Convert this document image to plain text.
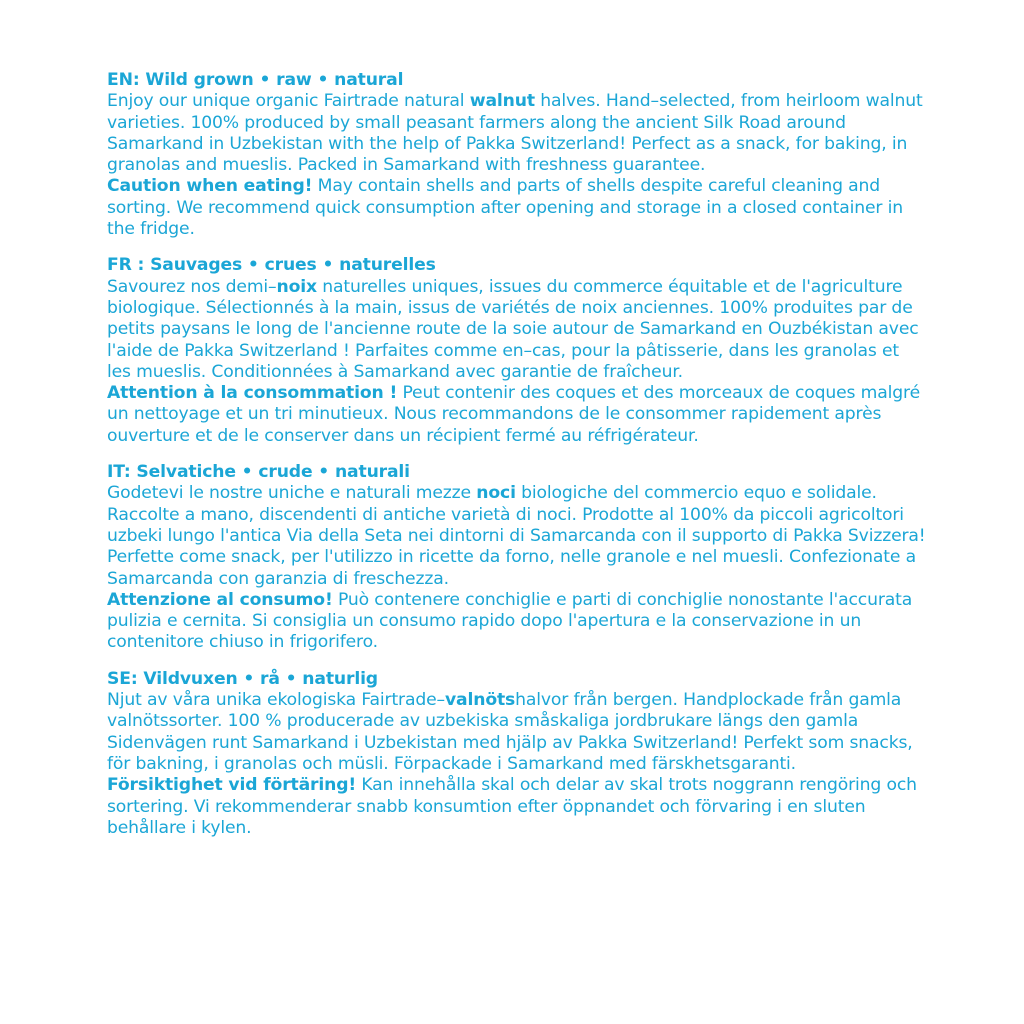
EN: Wild grown • raw • natural
Enjoy our unique organic Fairtrade natural walnut halves. Hand–selected, from heirloom walnut varieties. 100% produced by small peasant farmers along the ancient Silk Road around Samarkand in Uzbekistan with the help of Pakka Switzerland! Perfect as a snack, for baking, in granolas and mueslis. Packed in Samarkand with freshness guarantee.
Caution when eating! May contain shells and parts of shells despite careful cleaning and sorting. We recommend quick consumption after opening and storage in a closed container in the fridge.
FR : Sauvages • crues • naturelles
Savourez nos demi–noix naturelles uniques, issues du commerce équitable et de l'agriculture biologique. Sélectionnés à la main, issus de variétés de noix anciennes. 100% produites par de petits paysans le long de l'ancienne route de la soie autour de Samarkand en Ouzbékistan avec l'aide de Pakka Switzerland ! Parfaites comme en–cas, pour la pâtisserie, dans les granolas et les mueslis. Conditionnées à Samarkand avec garantie de fraîcheur.
Attention à la consommation ! Peut contenir des coques et des morceaux de coques malgré un nettoyage et un tri minutieux. Nous recommandons de le consommer rapidement après ouverture et de le conserver dans un récipient fermé au réfrigérateur.
IT: Selvatiche • crude • naturali
Godetevi le nostre uniche e naturali mezze noci biologiche del commercio equo e solidale. Raccolte a mano, discendenti di antiche varietà di noci. Prodotte al 100% da piccoli agricoltori uzbeki lungo l'antica Via della Seta nei dintorni di Samarcanda con il supporto di Pakka Svizzera! Perfette come snack, per l'utilizzo in ricette da forno, nelle granole e nel muesli. Confezionate a Samarcanda con garanzia di freschezza.
Attenzione al consumo! Può contenere conchiglie e parti di conchiglie nonostante l'accurata pulizia e cernita. Si consiglia un consumo rapido dopo l'apertura e la conservazione in un contenitore chiuso in frigorifero.
SE: Vildvuxen • rå • naturlig
Njut av våra unika ekologiska Fairtrade–valnötshalvor från bergen. Handplockade från gamla valnötssorter. 100 % producerade av uzbekiska småskaliga jordbrukare längs den gamla Sidenvägen runt Samarkand i Uzbekistan med hjälp av Pakka Switzerland! Perfekt som snacks, för bakning, i granolas och müsli. Förpackade i Samarkand med färskhetsgaranti.
Försiktighet vid förtäring! Kan innehålla skal och delar av skal trots noggrann rengöring och sortering. Vi rekommenderar snabb konsumtion efter öppnandet och förvaring i en sluten behållare i kylen.
